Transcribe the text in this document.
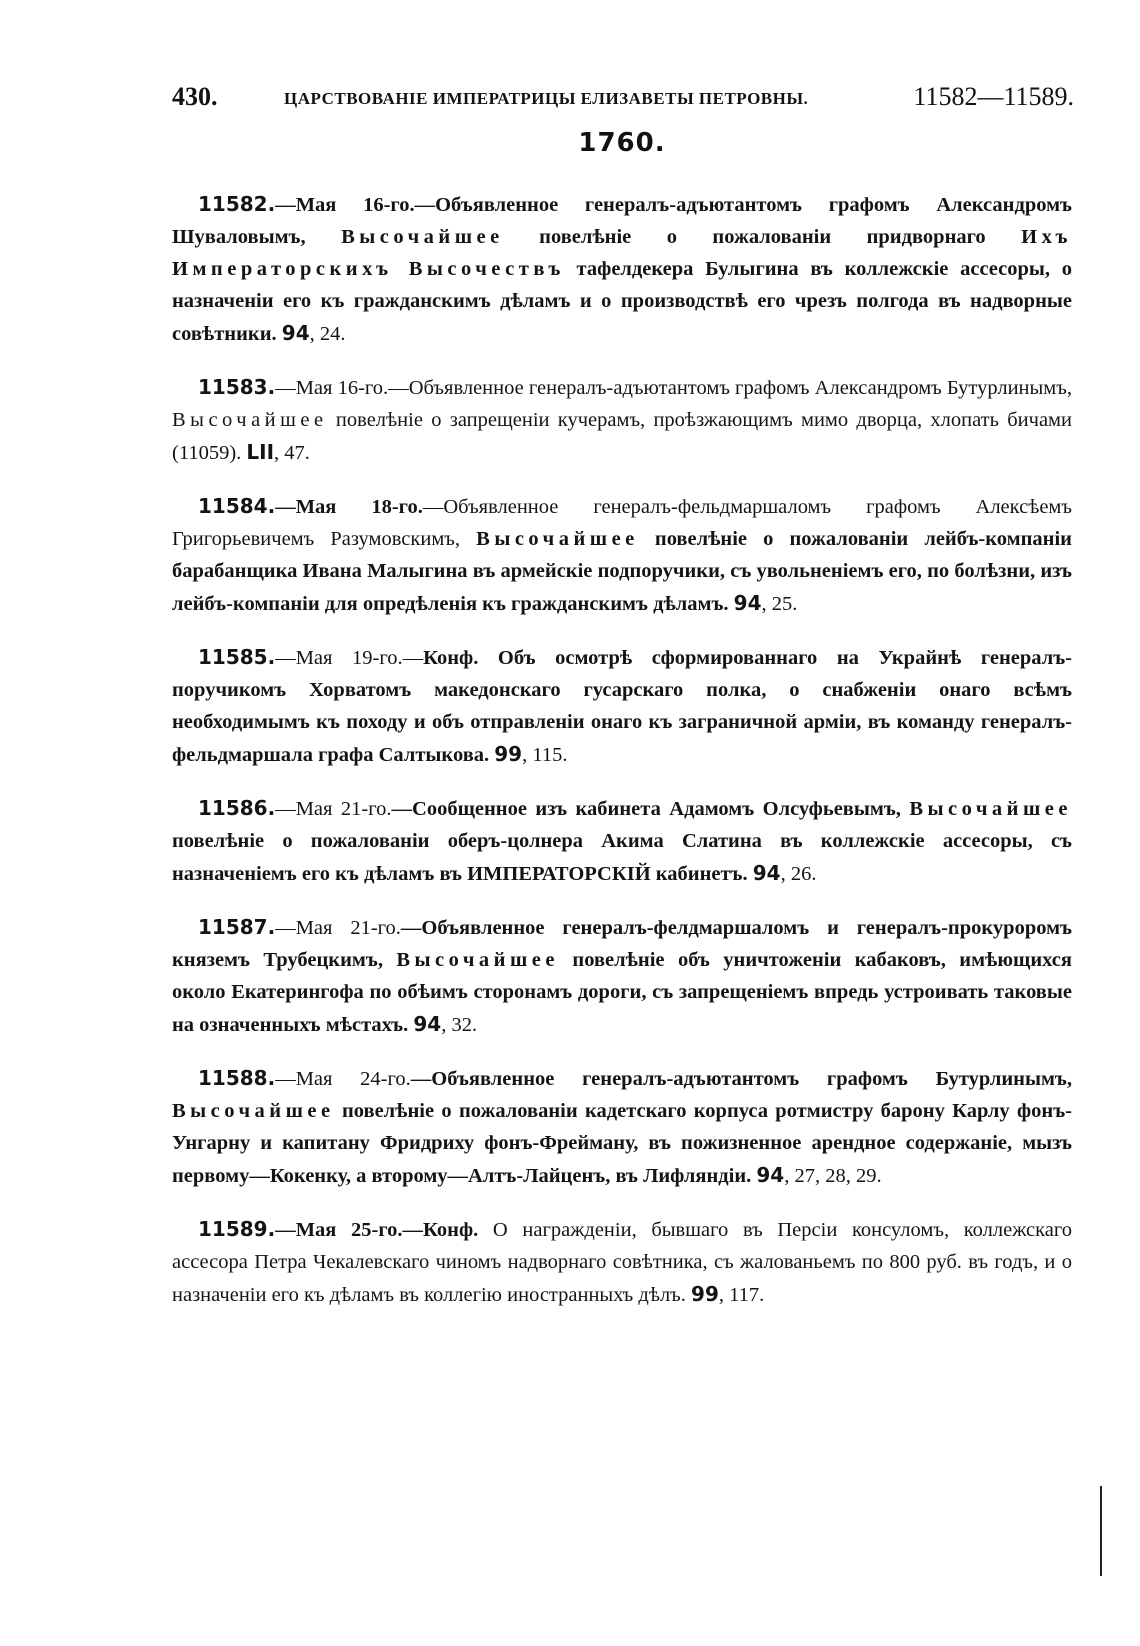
430.	ЦАРСТВОВАНІЕ ИМПЕРАТРИЦЫ ЕЛИЗАВЕТЫ ПЕТРОВНЫ.	11582—11589.
1760.

11582.—Мая 16-го.—Объявленное генералъ-адъютантомъ графомъ Александромъ Шуваловымъ, Высочайшее повелѣніе о пожалованіи придворнаго Ихъ Императорскихъ Высочествъ тафелдекера Булыгина въ коллежскіе ассесоры, о назначеніи его къ гражданскимъ дѣламъ и о производствѣ его чрезъ полгода въ надворные совѣтники. 94, 24.

11583.—Мая 16-го.—Объявленное генералъ-адъютантомъ графомъ Александромъ Бутурлинымъ, Высочайшее повелѣніе о запрещеніи кучерамъ, проѣзжающимъ мимо дворца, хлопать бичами (11059). LII, 47.

11584.—Мая 18-го.—Объявленное генералъ-фельдмаршаломъ графомъ Алексѣемъ Григорьевичемъ Разумовскимъ, Высочайшее повелѣніе о пожалованіи лейбъ-компаніи барабанщика Ивана Малыгина въ армейскіе подпоручики, съ увольненіемъ его, по болѣзни, изъ лейбъ-компаніи для опредѣленія къ гражданскимъ дѣламъ. 94, 25.

11585.—Мая 19-го.—Конф. Объ осмотрѣ сформированнаго на Украйнѣ генералъ-поручикомъ Хорватомъ македонскаго гусарскаго полка, о снабженіи онаго всѣмъ необходимымъ къ походу и объ отправленіи онаго къ заграничной арміи, въ команду генералъ-фельдмаршала графа Салтыкова. 99, 115.

11586.—Мая 21-го.—Сообщенное изъ кабинета Адамомъ Олсуфьевымъ, Высочайшее повелѣніе о пожалованіи оберъ-цолнера Акима Слатина въ коллежскіе ассесоры, съ назначеніемъ его къ дѣламъ въ ИМПЕРАТОРСКІЙ кабинетъ. 94, 26.

11587.—Мая 21-го.—Объявленное генералъ-фелдмаршаломъ и генералъ-прокуроромъ княземъ Трубецкимъ, Высочайшее повелѣніе объ уничтоженіи кабаковъ, имѣющихся около Екатерингофа по обѣимъ сторонамъ дороги, съ запрещеніемъ впредь устроивать таковые на означенныхъ мѣстахъ. 94, 32.

11588.—Мая 24-го.—Объявленное генералъ-адъютантомъ графомъ Бутурлинымъ, Высочайшее повелѣніе о пожалованіи кадетскаго корпуса ротмистру барону Карлу фонъ-Унгарну и капитану Фридриху фонъ-Фрейману, въ пожизненное арендное содержаніе, мызъ первому—Кокенку, а второму—Алтъ-Лайценъ, въ Лифляндіи. 94, 27, 28, 29.

11589.—Мая 25-го.—Конф. О награжденіи, бывшаго въ Персіи консуломъ, коллежскаго ассесора Петра Чекалевскаго чиномъ надворнаго совѣтника, съ жалованьемъ по 800 руб. въ годъ, и о назначеніи его къ дѣламъ въ коллегію иностранныхъ дѣлъ. 99, 117.
